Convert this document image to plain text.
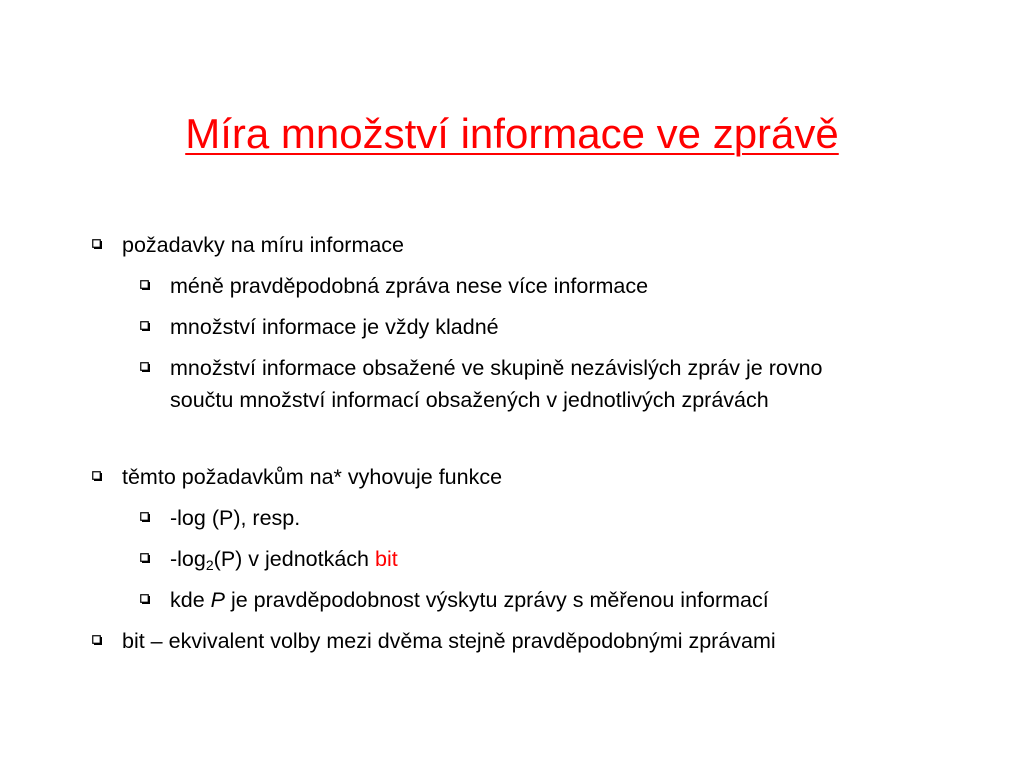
Míra množství informace ve zprávě
požadavky na míru informace
méně pravděpodobná zpráva nese více informace
množství informace je vždy kladné
množství informace obsažené ve skupině nezávislých zpráv je rovno součtu množství informací obsažených v jednotlivých zprávách
těmto požadavkům na* vyhovuje funkce
-log (P), resp.
$-\log_2(P)$ v jednotkách bit
kde P je pravděpodobnost výskytu zprávy s měřenou informací
bit – ekvivalent volby mezi dvěma stejně pravděpodobnými zprávami
